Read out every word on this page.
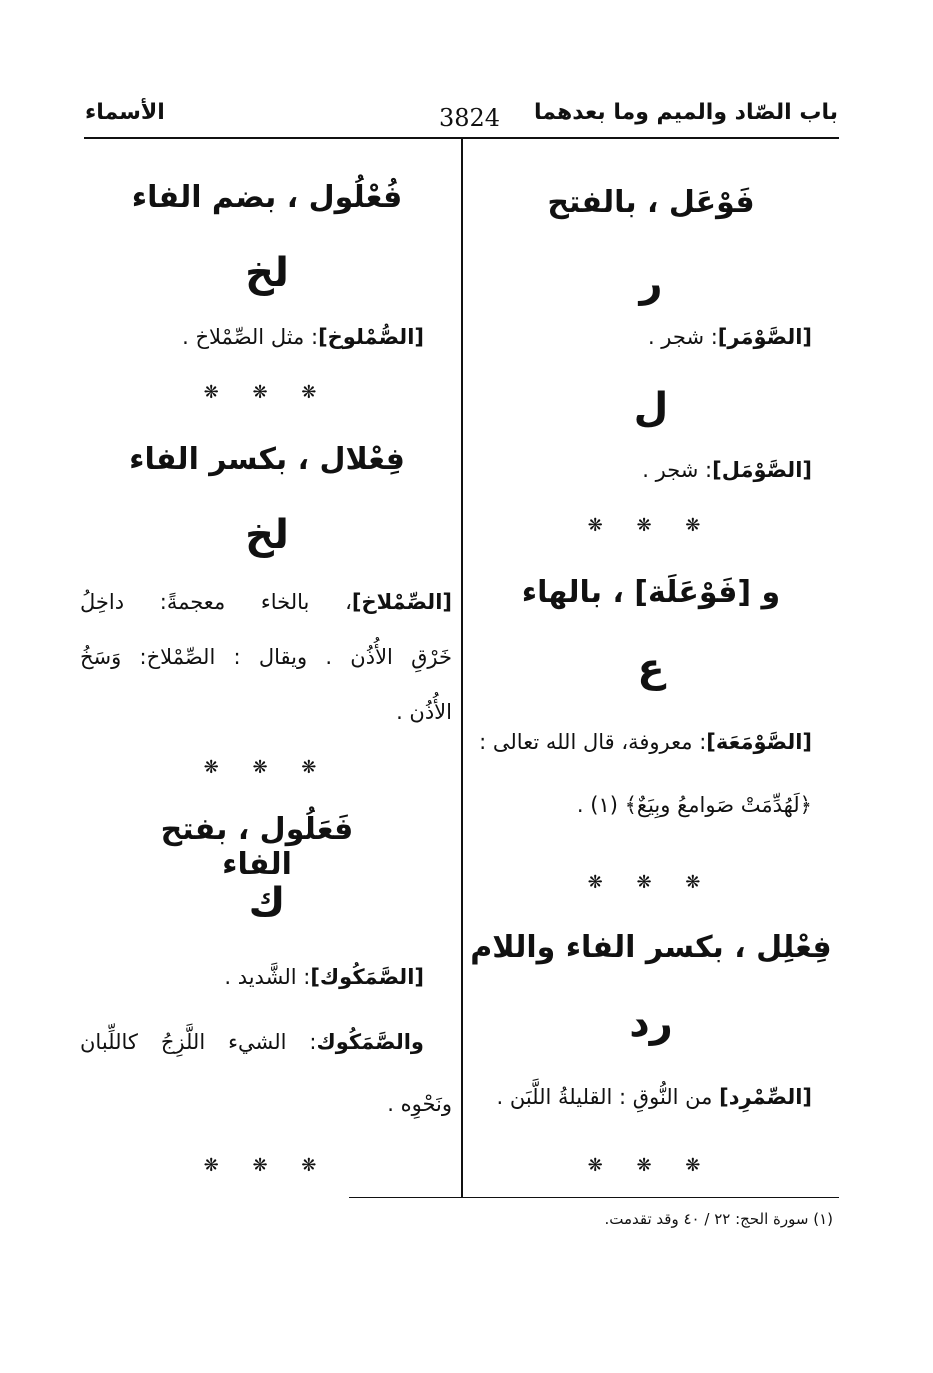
باب الصّاد والميم وما بعدهما
3824
الأسماء
فَوْعَل ، بالفتح
ر
[الصَّوْمَر]: شجر .
ل
[الصَّوْمَل]: شجر .
❋ ❋ ❋
و [فَوْعَلَة] ، بالهاء
ع
[الصَّوْمَعَة]: معروفة، قال الله تعالى :
﴿لَهُدِّمَتْ صَوامعُ وبِيَعٌ﴾ (١) .
❋ ❋ ❋
فِعْلِل ، بكسر الفاء واللام
رد
[الصِّمْرِد] من النُّوقِ : القليلةُ اللَّبَن .
❋ ❋ ❋
فُعْلُول ، بضم الفاء
لخ
[الصُّمْلوخ]: مثل الصِّمْلاخ .
❋ ❋ ❋
فِعْلال ، بكسر الفاء
لخ
[الصِّمْلاخ]، بالخاء معجمةً: داخِلُ
خَرْقِ الأُذُن . ويقال : الصِّمْلاخ: وَسَخُ
الأُذُن .
❋ ❋ ❋
فَعَلُول ، بفتح الفاء
ك
[الصَّمَكُوك]: الشَّديد .
والصَّمَكُوك: الشيء اللَّزِجُ كاللِّبان
ونَحْوِه .
❋ ❋ ❋
(١) سورة الحج: ٢٢ / ٤٠ وقد تقدمت.
